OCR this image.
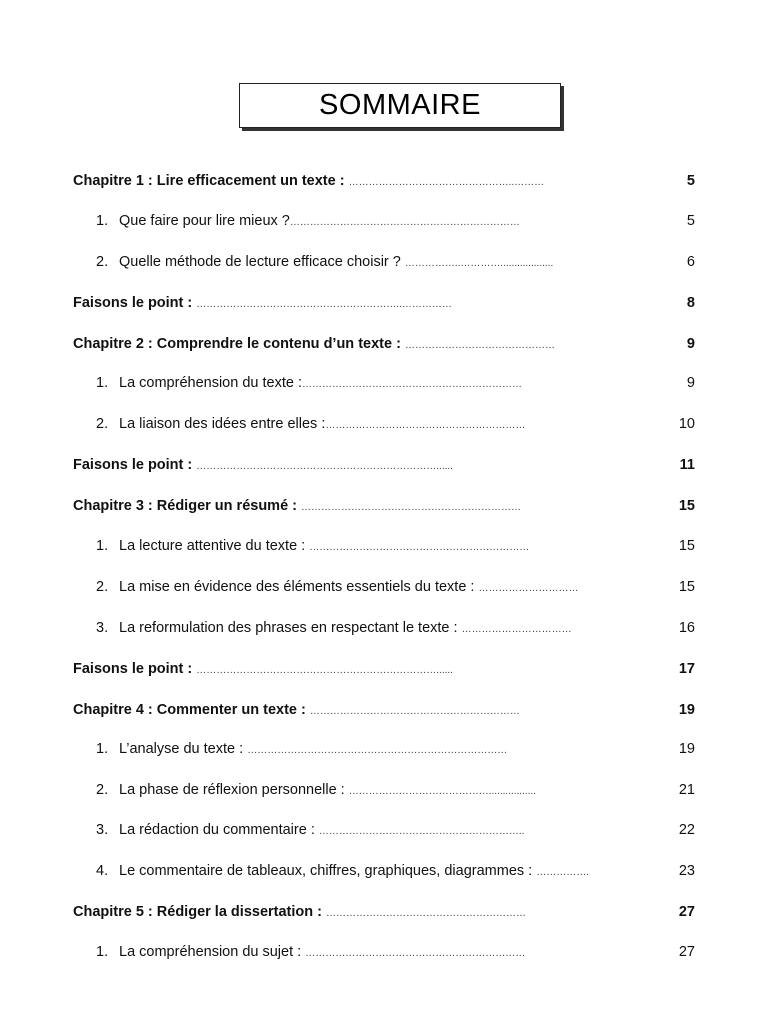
SOMMAIRE
Chapitre 1 : Lire efficacement un texte : …………………………………………..………	5
1. Que faire pour lire mieux ?……………………………………………………………	5
2. Quelle méthode de lecture efficace choisir ? ……………..…………...................	6
Faisons le point : ……………………………………………………..……………	8
Chapitre 2 : Comprendre le contenu d’un texte : ………………………………………	9
1. La compréhension du texte :…………………………………………………………	9
2. La liaison des idées entre elles :……………………………………………………	10
Faisons le point : ………………………………………………………………......	11
Chapitre 3 : Rédiger un résumé : …………………………………………………………	15
1. La lecture attentive du texte : …………………………………………………………	15
2. La mise en évidence des éléments essentiels du texte : …………………………	15
3. La reformulation des phrases en respectant le texte : ……………………………	16
Faisons le point : ………………………………………………………………......	17
Chapitre 4 : Commenter un texte : ………………………………………………………	19
1. L’analyse du texte : ……………………………………………………………………	19
2. La phase de réflexion personnelle : …………………………………….................	21
3. La rédaction du commentaire : ……………………………………………………..	22
4. Le commentaire de tableaux, chiffres, graphiques, diagrammes : …………….	23
Chapitre 5 : Rédiger la dissertation : ……………………………………………………	27
1. La compréhension du sujet : …………………………………………………………	27
